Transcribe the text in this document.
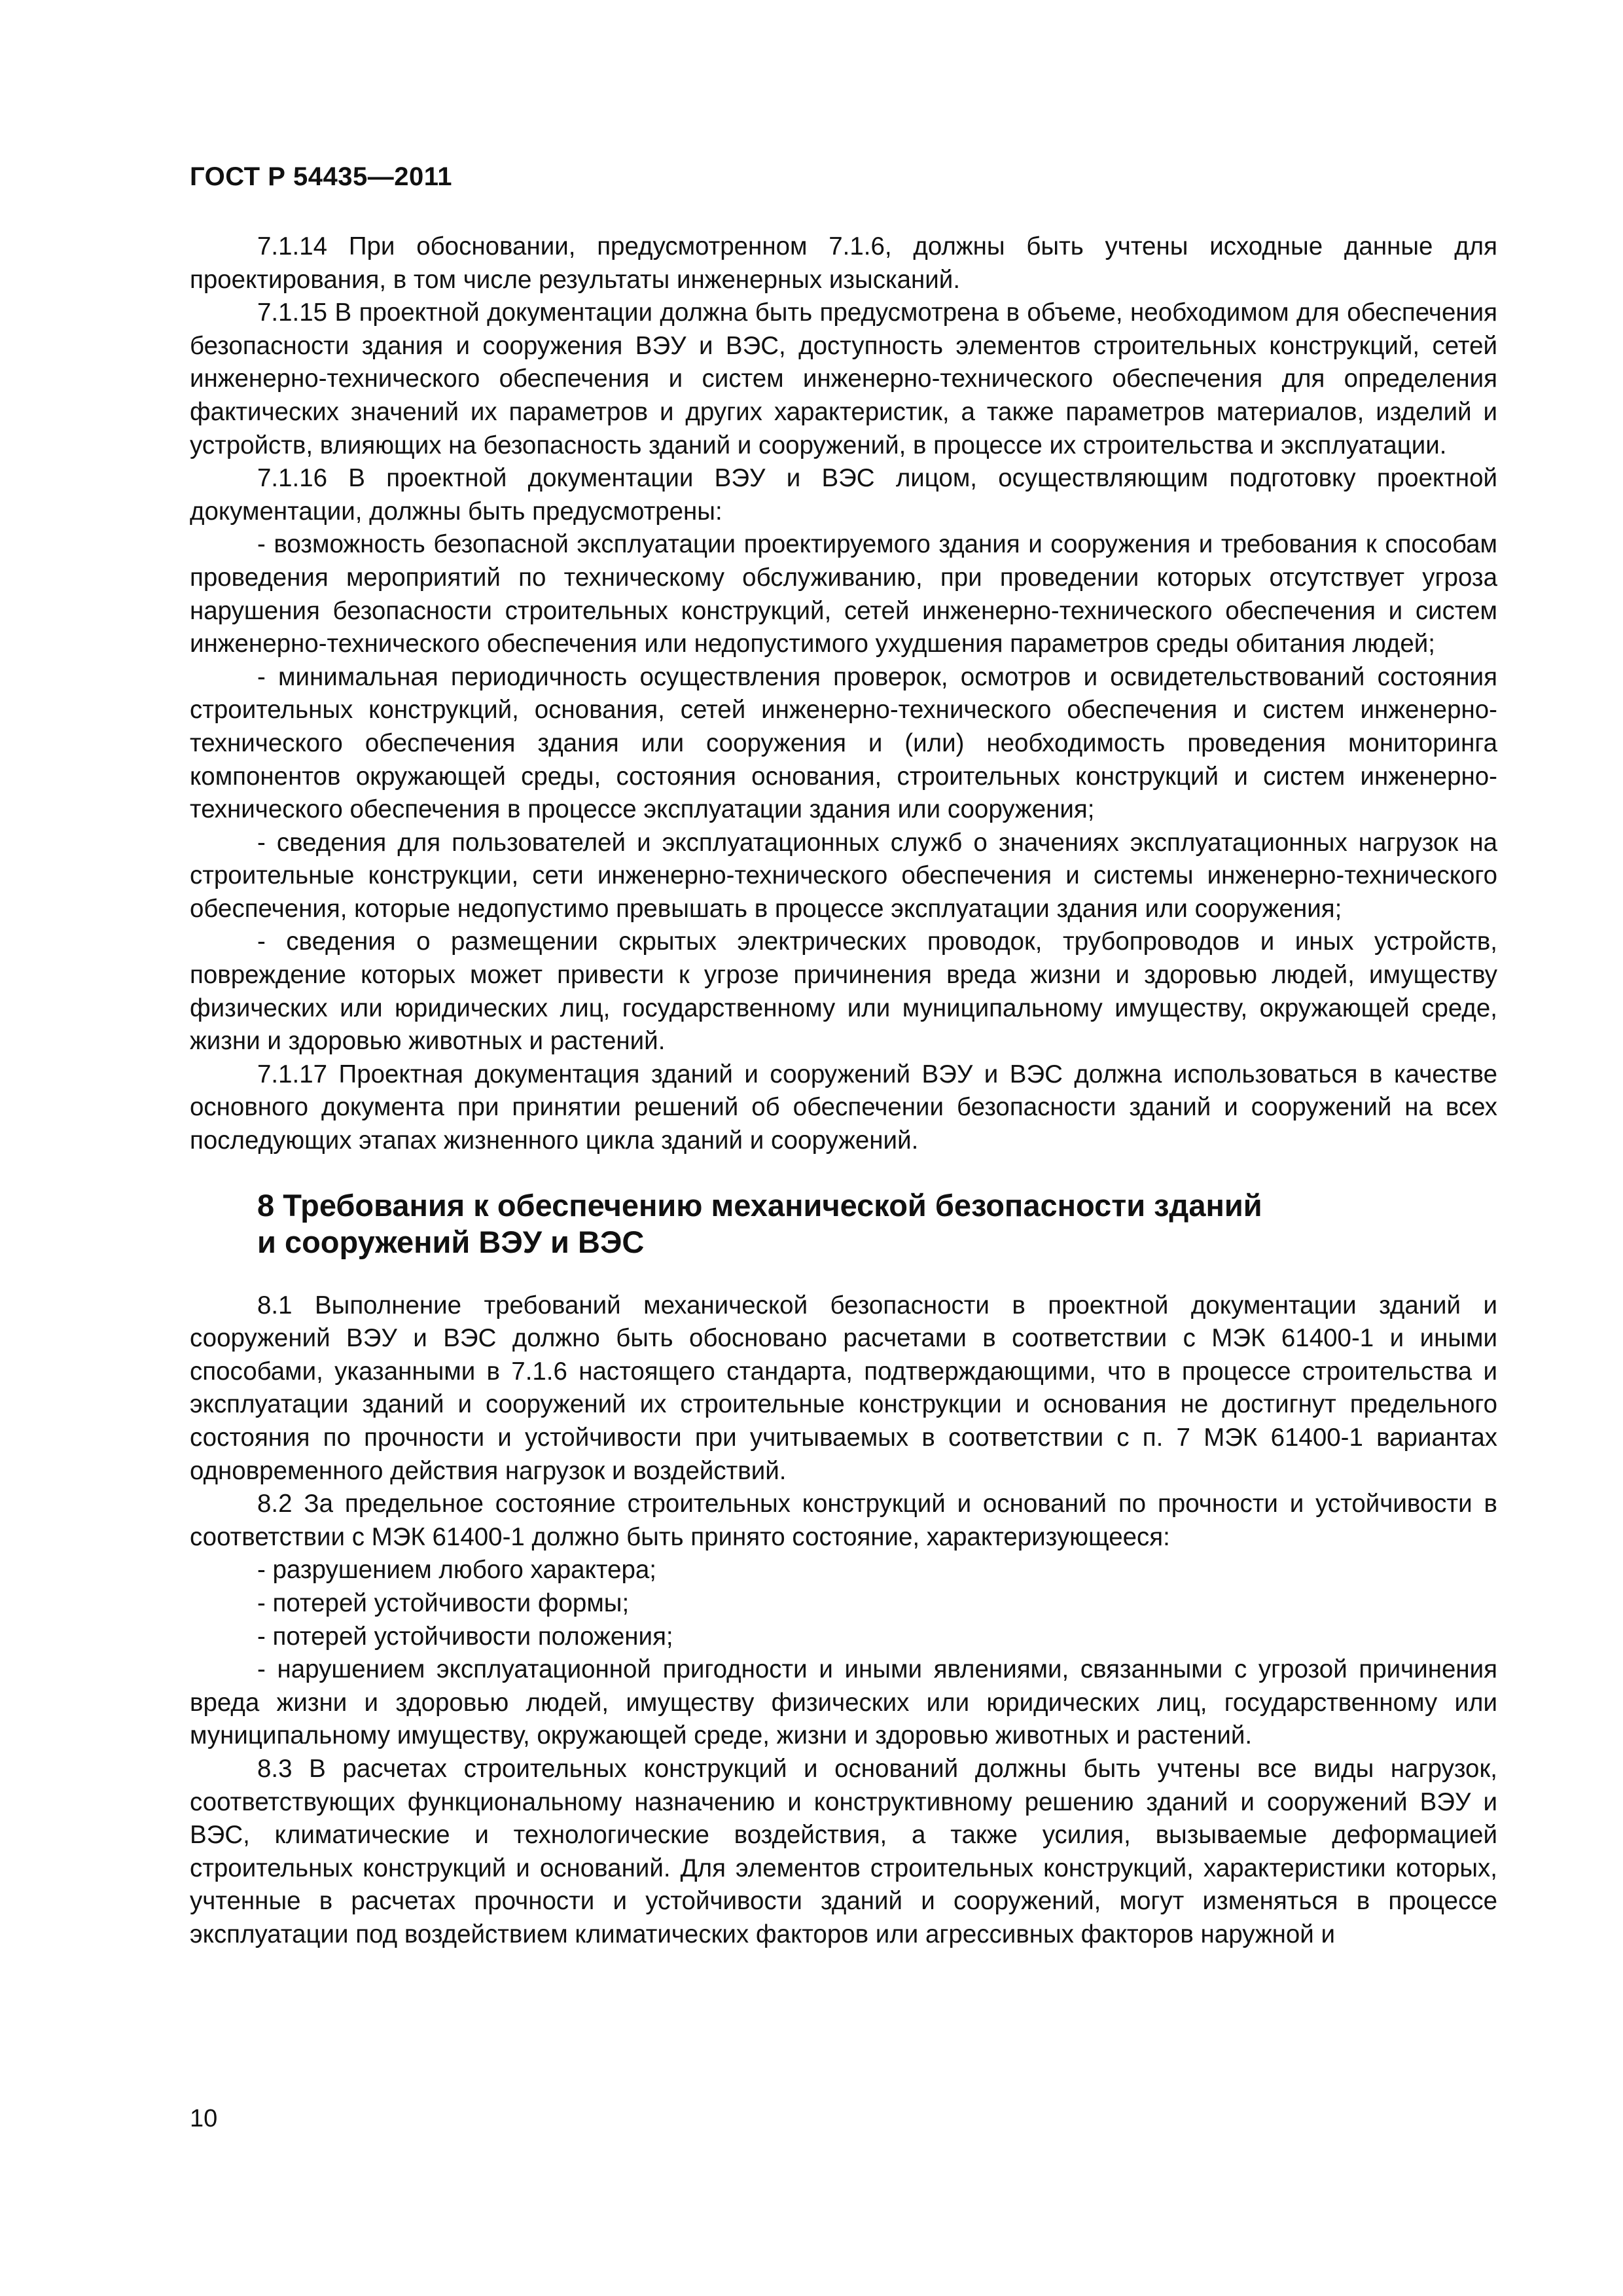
ГОСТ Р 54435—2011

7.1.14 При обосновании, предусмотренном 7.1.6, должны быть учтены исходные данные для проектирования, в том числе результаты инженерных изысканий.

7.1.15 В проектной документации должна быть предусмотрена в объеме, необходимом для обеспечения безопасности здания и сооружения ВЭУ и ВЭС, доступность элементов строительных конструкций, сетей инженерно-технического обеспечения и систем инженерно-технического обеспечения для определения фактических значений их параметров и других характеристик, а также параметров материалов, изделий и устройств, влияющих на безопасность зданий и сооружений, в процессе их строительства и эксплуатации.

7.1.16 В проектной документации ВЭУ и ВЭС лицом, осуществляющим подготовку проектной документации, должны быть предусмотрены:

- возможность безопасной эксплуатации проектируемого здания и сооружения и требования к способам проведения мероприятий по техническому обслуживанию, при проведении которых отсутствует угроза нарушения безопасности строительных конструкций, сетей инженерно-технического обеспечения и систем инженерно-технического обеспечения или недопустимого ухудшения параметров среды обитания людей;

- минимальная периодичность осуществления проверок, осмотров и освидетельствований состояния строительных конструкций, основания, сетей инженерно-технического обеспечения и систем инженерно-технического обеспечения здания или сооружения и (или) необходимость проведения мониторинга компонентов окружающей среды, состояния основания, строительных конструкций и систем инженерно-технического обеспечения в процессе эксплуатации здания или сооружения;

- сведения для пользователей и эксплуатационных служб о значениях эксплуатационных нагрузок на строительные конструкции, сети инженерно-технического обеспечения и системы инженерно-технического обеспечения, которые недопустимо превышать в процессе эксплуатации здания или сооружения;

- сведения о размещении скрытых электрических проводок, трубопроводов и иных устройств, повреждение которых может привести к угрозе причинения вреда жизни и здоровью людей, имуществу физических или юридических лиц, государственному или муниципальному имуществу, окружающей среде, жизни и здоровью животных и растений.

7.1.17 Проектная документация зданий и сооружений ВЭУ и ВЭС должна использоваться в качестве основного документа при принятии решений об обеспечении безопасности зданий и сооружений на всех последующих этапах жизненного цикла зданий и сооружений.

8 Требования к обеспечению механической безопасности зданий
и сооружений ВЭУ и ВЭС

8.1 Выполнение требований механической безопасности в проектной документации зданий и сооружений ВЭУ и ВЭС должно быть обосновано расчетами в соответствии с МЭК 61400-1 и иными способами, указанными в 7.1.6 настоящего стандарта, подтверждающими, что в процессе строительства и эксплуатации зданий и сооружений их строительные конструкции и основания не достигнут предельного состояния по прочности и устойчивости при учитываемых в соответствии с п. 7 МЭК 61400-1 вариантах одновременного действия нагрузок и воздействий.

8.2 За предельное состояние строительных конструкций и оснований по прочности и устойчивости в соответствии с МЭК 61400-1 должно быть принято состояние, характеризующееся:

- разрушением любого характера;

- потерей устойчивости формы;

- потерей устойчивости положения;

- нарушением эксплуатационной пригодности и иными явлениями, связанными с угрозой причинения вреда жизни и здоровью людей, имуществу физических или юридических лиц, государственному или муниципальному имуществу, окружающей среде, жизни и здоровью животных и растений.

8.3 В расчетах строительных конструкций и оснований должны быть учтены все виды нагрузок, соответствующих функциональному назначению и конструктивному решению зданий и сооружений ВЭУ и ВЭС, климатические и технологические воздействия, а также усилия, вызываемые деформацией строительных конструкций и оснований. Для элементов строительных конструкций, характеристики которых, учтенные в расчетах прочности и устойчивости зданий и сооружений, могут изменяться в процессе эксплуатации под воздействием климатических факторов или агрессивных факторов наружной и

10
